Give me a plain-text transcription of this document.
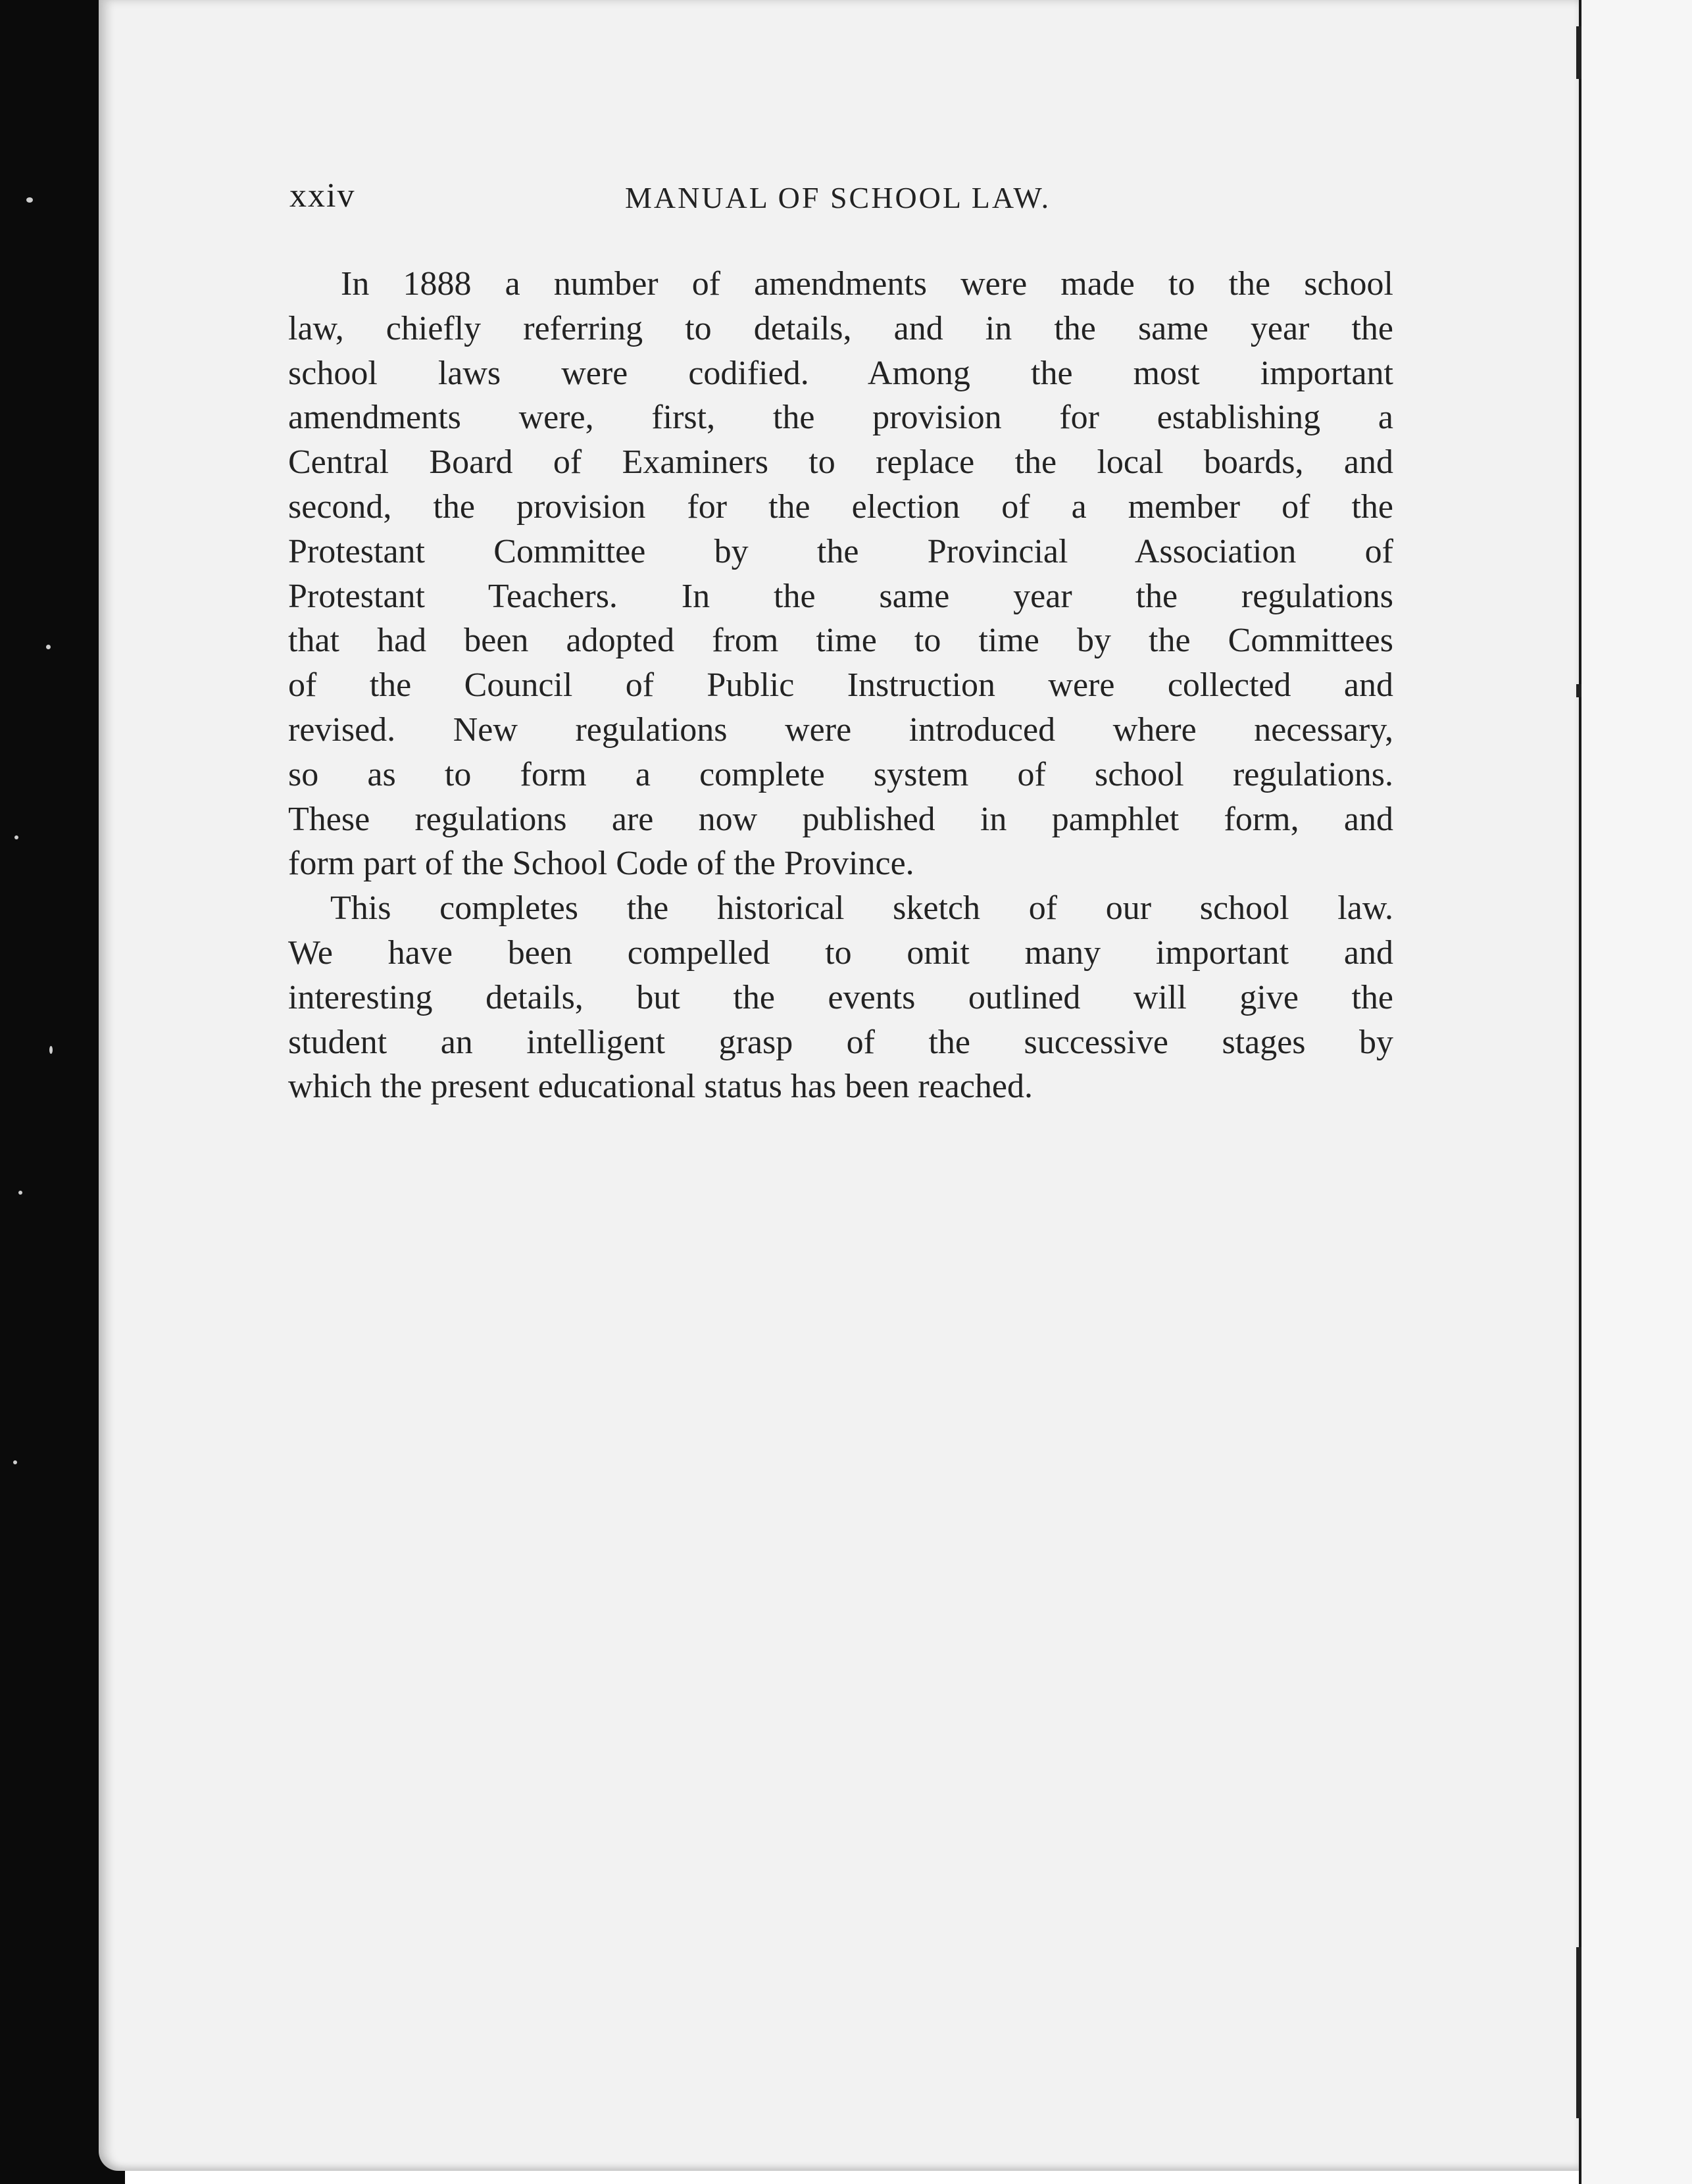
xxiv	MANUAL OF SCHOOL LAW.
In 1888 a number of amendments were made to the school
law, chiefly referring to details, and in the same year the
school laws were codified. Among the most important
amendments were, first, the provision for establishing a
Central Board of Examiners to replace the local boards, and
second, the provision for the election of a member of the
Protestant Committee by the Provincial Association of
Protestant Teachers. In the same year the regulations
that had been adopted from time to time by the Committees
of the Council of Public Instruction were collected and
revised. New regulations were introduced where necessary,
so as to form a complete system of school regulations.
These regulations are now published in pamphlet form, and
form part of the School Code of the Province.
This completes the historical sketch of our school law.
We have been compelled to omit many important and
interesting details, but the events outlined will give the
student an intelligent grasp of the successive stages by
which the present educational status has been reached.
